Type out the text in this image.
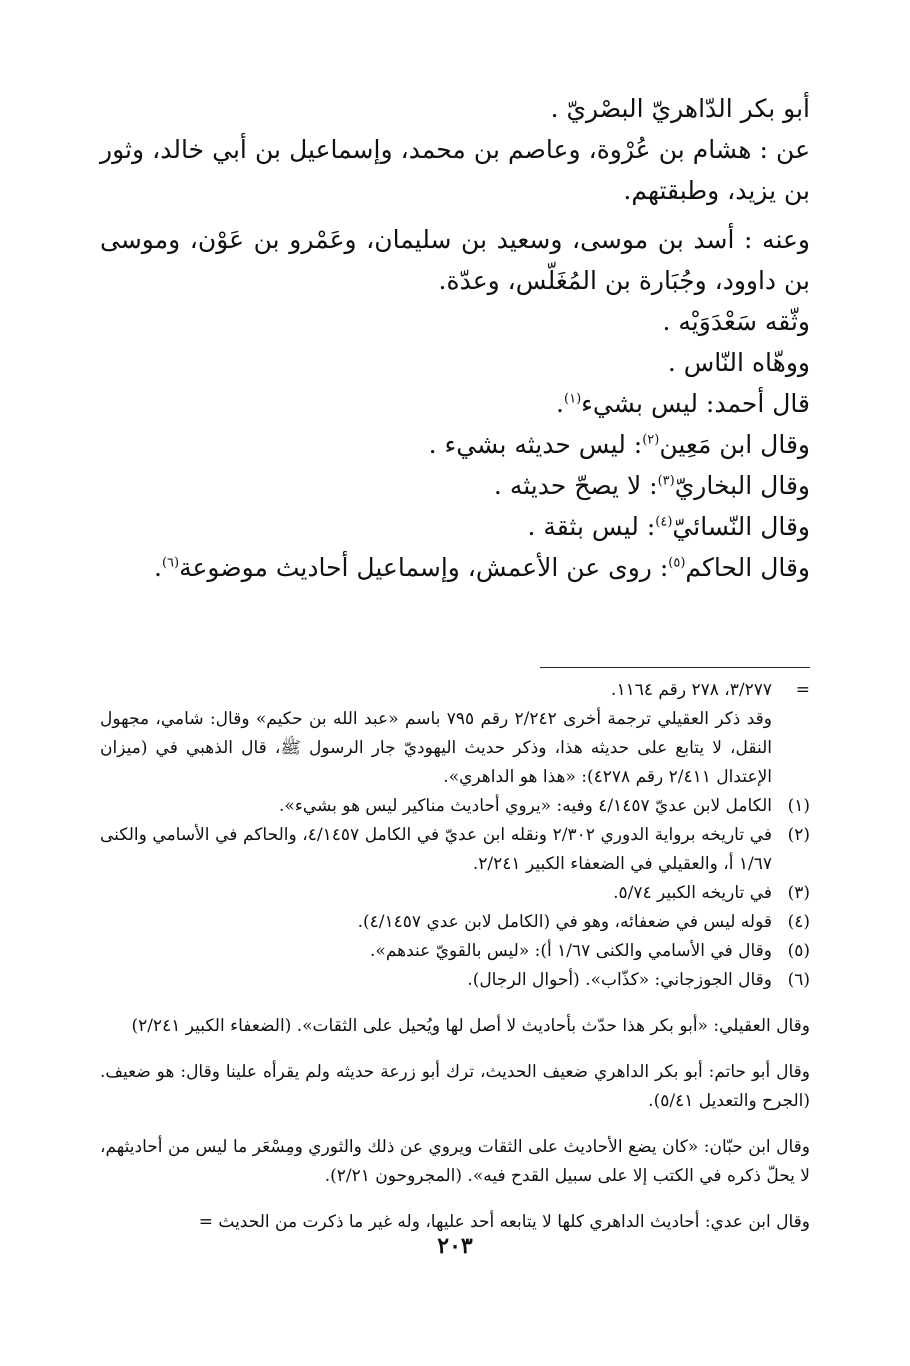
أبو بكر الدّاهريّ البصْريّ .

عن : هشام بن عُرْوة، وعاصم بن محمد، وإسماعيل بن أبي خالد، وثور بن يزيد، وطبقتهم.

وعنه : أسد بن موسى، وسعيد بن سليمان، وعَمْرو بن عَوْن، وموسى بن داوود، وجُبَارة بن المُغَلّس، وعدّة.

وثّقه سَعْدَوَيْه .

ووهّاه النّاس .

قال أحمد: ليس بشيء$^{(١)}$.

وقال ابن مَعِين$^{(٢)}$: ليس حديثه بشيء .

وقال البخاريّ$^{(٣)}$: لا يصحّ حديثه .

وقال النّسائيّ$^{(٤)}$: ليس بثقة .

وقال الحاكم$^{(٥)}$: روى عن الأعمش، وإسماعيل أحاديث موضوعة$^{(٦)}$.

=
٣/٢٧٧، ٢٧٨ رقم ١١٦٤.
وقد ذكر العقيلي ترجمة أخرى ٢/٢٤٢ رقم ٧٩٥ باسم «عبد الله بن حكيم» وقال: شامي، مجهول النقل، لا يتابع على حديثه هذا، وذكر حديث اليهوديّ جار الرسول ﷺ، قال الذهبي في (ميزان الإعتدال ٢/٤١١ رقم ٤٢٧٨): «هذا هو الداهري».
(١)
الكامل لابن عديّ ٤/١٤٥٧ وفيه: «يروي أحاديث مناكير ليس هو بشيء».
(٢)
في تاريخه برواية الدوري ٢/٣٠٢ ونقله ابن عديّ في الكامل ٤/١٤٥٧، والحاكم في الأسامي والكنى ١/٦٧ أ، والعقيلي في الضعفاء الكبير ٢/٢٤١.
(٣)
في تاريخه الكبير ٥/٧٤.
(٤)
قوله ليس في ضعفائه، وهو في (الكامل لابن عدي ٤/١٤٥٧).
(٥)
وقال في الأسامي والكنى ١/٦٧ أ): «ليس بالقويّ عندهم».
(٦)
وقال الجوزجاني: «كذّاب». (أحوال الرجال).

وقال العقيلي: «أبو بكر هذا حدّث بأحاديث لا أصل لها ويُحيل على الثقات». (الضعفاء الكبير ٢/٢٤١)

وقال أبو حاتم: أبو بكر الداهري ضعيف الحديث، ترك أبو زرعة حديثه ولم يقرأه علينا وقال: هو ضعيف. (الجرح والتعديل ٥/٤١).

وقال ابن حبّان: «كان يضع الأحاديث على الثقات ويروي عن ذلك والثوري ومِسْعَر ما ليس من أحاديثهم، لا يحلّ ذكره في الكتب إلا على سبيل القدح فيه». (المجروحون ٢/٢١).

وقال ابن عدي: أحاديث الداهري كلها لا يتابعه أحد عليها، وله غير ما ذكرت من الحديث =

٢٠٣
